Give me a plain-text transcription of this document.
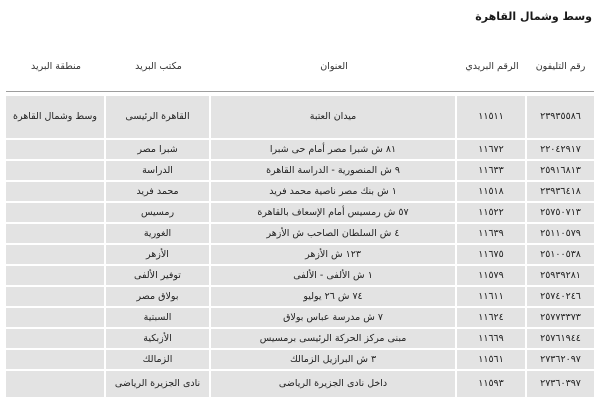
وسط وشمال القاهرة
رقم التليفون
الرقم البريدي
العنوان
مكتب البريد
منطقة البريد
٢٣٩٣٥٥٨٦
١١٥١١
ميدان العتبة
القاهرة الرئيسى
وسط وشمال القاهرة
٢٢٠٤٢٩١٧
١١٦٧٢
٨١ ش شبرا مصر أمام حى شبرا
شبرا مصر
٢٥٩١٦٨١٣
١١٦٣٣
٩ ش المنصورية - الدراسة القاهرة
الدراسة
٢٣٩٣٦٤١٨
١١٥١٨
١ ش بنك مصر ناصية محمد فريد
محمد فريد
٢٥٧٥٠٧١٣
١١٥٢٢
٥٧ ش رمسيس أمام الإسعاف بالقاهرة
رمسيس
٢٥١١٠٥٧٩
١١٦٣٩
٤ ش السلطان الصاحب ش الأزهر
الغورية
٢٥١٠٠٥٣٨
١١٦٧٥
١٢٣ ش الأزهر
الأزهر
٢٥٩٣٩٢٨١
١١٥٧٩
١ ش الألفى - الألفى
توفير الألفى
٢٥٧٤٠٢٤٦
١١٦١١
٧٤ ش ٢٦ يوليو
بولاق مصر
٢٥٧٧٣٣٧٣
١١٦٢٤
٧ ش مدرسة عباس بولاق
السبتية
٢٥٧٦١٩٤٤
١١٦٦٩
مبنى مركز الحركة الرئيسى برمسيس
الأزبكية
٢٧٣٦٢٠٩٧
١١٥٦١
٣ ش البرازيل الزمالك
الزمالك
٢٧٣٦٠٣٩٧
١١٥٩٣
داخل نادى الجزيرة الرياضى
نادى الجزيرة الرياضى
